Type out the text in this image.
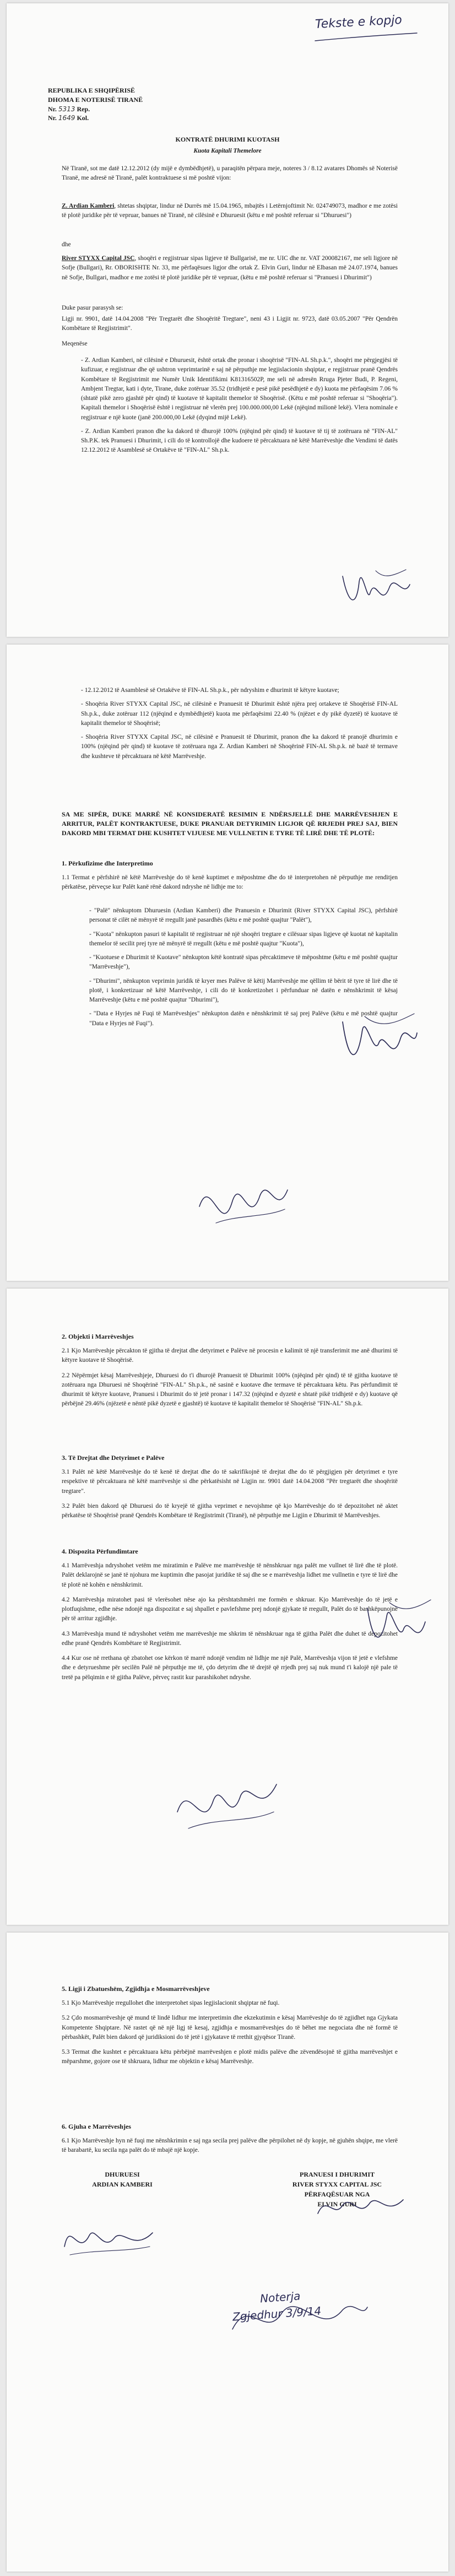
Tekste e kopjo
REPUBLIKA E SHQIPËRISË
DHOMA E NOTERISË TIRANË
Nr. 5313 Rep.
Nr. 1649 Kol.
KONTRATË DHURIMI KUOTASH
Kuota Kapitali Themelore
Në Tiranë, sot me datë 12.12.2012 (dy mijë e dymbëdhjetë), u paraqitën përpara meje, noteres 3 / 8.12 avatares Dhomës së Noterisë Tiranë, me adresë në Tiranë, palët kontraktuese si më poshtë vijon:
Z. Ardian Kamberi, shtetas shqiptar, lindur në Durrës më 15.04.1965, mbajtës i Letërnjoftimit Nr. 024749073, madhor e me zotësi të plotë juridike për të vepruar, banues në Tiranë, në cilësinë e Dhuruesit (këtu e më poshtë referuar si "Dhuruesi")
dhe
River STYXX Capital JSC, shoqëri e regjistruar sipas ligjeve të Bullgarisë, me nr. UIC dhe nr. VAT 200082167, me seli ligjore në Sofje (Bullgari), Rr. OBORISHTE Nr. 33, me përfaqësues ligjor dhe ortak Z. Elvin Guri, lindur në Elbasan më 24.07.1974, banues në Sofje, Bullgari, madhor e me zotësi të plotë juridike për të vepruar, (këtu e më poshtë referuar si "Pranuesi i Dhurimit")
Duke pasur parasysh se:
Ligji nr. 9901, datë 14.04.2008 "Për Tregtarët dhe Shoqëritë Tregtare", neni 43 i Ligjit nr. 9723, datë 03.05.2007 "Për Qendrën Kombëtare të Regjistrimit".
Meqenëse
- Z. Ardian Kamberi, në cilësinë e Dhuruesit, është ortak dhe pronar i shoqërisë "FIN-AL Sh.p.k.", shoqëri me përgjegjësi të kufizuar, e regjistruar dhe që ushtron veprimtarinë e saj në përputhje me legjislacionin shqiptar, e regjistruar pranë Qendrës Kombëtare të Regjistrimit me Numër Unik Identifikimi K81316502P, me seli në adresën Rruga Pjeter Budi, P. Regeni, Ambjent Tregtar, kati i dyte, Tirane, duke zotëruar 35.52 (tridhjetë e pesë pikë pesëdhjetë e dy) kuota me përfaqësim 7.06 % (shtatë pikë zero gjashtë për qind) të kuotave të kapitalit themelor të Shoqërisë. (Këtu e më poshtë referuar si "Shoqëria"). Kapitali themelor i Shoqërisë është i regjistruar në vlerën prej 100.000.000,00 Lekë (njëqind milionë lekë). Vlera nominale e regjistruar e një kuote (janë 200.000,00 Lekë (dyqind mijë Lekë).
- Z. Ardian Kamberi pranon dhe ka dakord të dhurojë 100% (njëqind për qind) të kuotave të tij të zotëruara në "FIN-AL" Sh.P.K. tek Pranuesi i Dhurimit, i cili do të kontrollojë dhe kudoere të përcaktuara në këtë Marrëveshje dhe Vendimi të datës 12.12.2012 të Asamblesë së Ortakëve të "FIN-AL" Sh.p.k.
- 12.12.2012 të Asamblesë së Ortakëve të FIN-AL Sh.p.k., për ndryshim e dhurimit të këtyre kuotave;
- Shoqëria River STYXX Capital JSC, në cilësinë e Pranuesit të Dhurimit është njëra prej ortakeve të Shoqërisë FIN-AL Sh.p.k., duke zotëruar 112 (njëqind e dymbëdhjetë) kuota me përfaqësimi 22.40 % (njëzet e dy pikë dyzetë) të kuotave të kapitalit themelor të Shoqërisë;
- Shoqëria River STYXX Capital JSC, në cilësinë e Pranuesit të Dhurimit, pranon dhe ka dakord të pranojë dhurimin e 100% (njëqind për qind) të kuotave të zotëruara nga Z. Ardian Kamberi në Shoqërinë FIN-AL Sh.p.k. në bazë të termave dhe kushteve të përcaktuara në këtë Marrëveshje.
SA ME SIPËR, DUKE MARRË NË KONSIDERATË RESIMIN E NDËRSJELLË DHE MARRËVESHJEN E ARRITUR, PALËT KONTRAKTUESE, DUKE PRANUAR DETYRIMIN LIGJOR QË RRJEDH PREJ SAJ, BIEN DAKORD MBI TERMAT DHE KUSHTET VIJUESE ME VULLNETIN E TYRE TË LIRË DHE TË PLOTË:
1. Përkufizime dhe Interpretimo
1.1 Termat e përfshirë në këtë Marrëveshje do të kenë kuptimet e mëposhtme dhe do të interpretohen në përputhje me renditjen përkatëse, përveçse kur Palët kanë rënë dakord ndryshe në lidhje me to:
- "Palë" nënkuptom Dhuruesin (Ardian Kamberi) dhe Pranuesin e Dhurimit (River STYXX Capital JSC), përfshirë personat të cilët në mënyrë të rregullt janë pasardhës (këtu e më poshtë quajtur "Palët"),
- "Kuota" nënkupton pasuri të kapitalit të regjistruar në një shoqëri tregtare e cilësuar sipas ligjeve që kuotat në kapitalin themelor të secilit prej tyre në mënyrë të rregullt (këtu e më poshtë quajtur "Kuota"),
- "Kuotuese e Dhurimit të Kuotave" nënkupton këtë kontratë sipas përcaktimeve të mëposhtme (këtu e më poshtë quajtur "Marrëveshje"),
- "Dhurimi", nënkupton veprimin juridik të kryer mes Palëve të këtij Marrëveshje me qëllim të bërit të tyre të lirë dhe të plotë, i konkretizuar në këtë Marrëveshje, i cili do të konkretizohet i përfunduar në datën e nënshkrimit të kësaj Marrëveshje (këtu e më poshtë quajtur "Dhurimi"),
- "Data e Hyrjes në Fuqi të Marrëveshjes" nënkupton datën e nënshkrimit të saj prej Palëve (këtu e më poshtë quajtur "Data e Hyrjes në Fuqi").
2. Objekti i Marrëveshjes
2.1 Kjo Marrëveshje përcakton të gjitha të drejtat dhe detyrimet e Palëve në procesin e kalimit të një transferimit me anë dhurimi të këtyre kuotave të Shoqërisë.
2.2 Nëpërmjet kësaj Marrëveshjeje, Dhuruesi do t'i dhurojë Pranuesit të Dhurimit 100% (njëqind për qind) të të gjitha kuotave të zotëruara nga Dhuruesi në Shoqërinë "FIN-AL" Sh.p.k., në sasinë e kuotave dhe termave të përcaktuara këtu. Pas përfundimit të dhurimit të këtyre kuotave, Pranuesi i Dhurimit do të jetë pronar i 147.32 (njëqind e dyzetë e shtatë pikë tridhjetë e dy) kuotave që përbëjnë 29.46% (njëzetë e nëntë pikë dyzetë e gjashtë) të kuotave të kapitalit themelor të Shoqërisë "FIN-AL" Sh.p.k.
3. Të Drejtat dhe Detyrimet e Palëve
3.1 Palët në këtë Marrëveshje do të kenë të drejtat dhe do të sakrifikojnë të drejtat dhe do të përgjigjen për detyrimet e tyre respektive të përcaktuara në këtë marrëveshje si dhe përkatësisht në Ligjin nr. 9901 datë 14.04.2008 "Për tregtarët dhe shoqëritë tregtare".
3.2 Palët bien dakord që Dhuruesi do të kryejë të gjitha veprimet e nevojshme që kjo Marrëveshje do të depozitohet në aktet përkatëse të Shoqërisë pranë Qendrës Kombëtare të Regjistrimit (Tiranë), në përputhje me Ligjin e Dhurimit të Marrëveshjes.
4. Dispozita Përfundimtare
4.1 Marrëveshja ndryshohet vetëm me miratimin e Palëve me marrëveshje të nënshkruar nga palët me vullnet të lirë dhe të plotë. Palët deklarojnë se janë të njohura me kuptimin dhe pasojat juridike të saj dhe se e marrëveshja lidhet me vullnetin e tyre të lirë dhe të plotë në kohën e nënshkrimit.
4.2 Marrëveshja miratohet pasi të vlerësohet nëse ajo ka përshtatshmëri me formën e shkruar. Kjo Marrëveshje do të jetë e plotfuqishme, edhe nëse ndonjë nga dispozitat e saj shpallet e pavlefshme prej ndonjë gjykate të rregullt, Palët do të bashkëpunojnë për të arritur zgjidhje.
4.3 Marrëveshja mund të ndryshohet vetëm me marrëveshje me shkrim të nënshkruar nga të gjitha Palët dhe duhet të depozitohet edhe pranë Qendrës Kombëtare të Regjistrimit.
4.4 Kur ose në rrethana që zbatohet ose kërkon të marrë ndonjë vendim në lidhje me një Palë, Marrëveshja vijon të jetë e vlefshme dhe e detyrueshme për secilën Palë në përputhje me të, çdo detyrim dhe të drejtë që rrjedh prej saj nuk mund t'i kalojë një pale të tretë pa pëlqimin e të gjitha Palëve, përveç rastit kur parashikohet ndryshe.
5. Ligji i Zbatueshëm, Zgjidhja e Mosmarrëveshjeve
5.1 Kjo Marrëveshje rregullohet dhe interpretohet sipas legjislacionit shqiptar në fuqi.
5.2 Çdo mosmarrëveshje që mund të lindë lidhur me interpretimin dhe ekzekutimin e kësaj Marrëveshje do të zgjidhet nga Gjykata Kompetente Shqiptare. Në rastet që në një ligj të kesaj, zgjidhja e mosmarrëveshjes do të bëhet me negociata dhe në formë të përbashkët, Palët bien dakord që juridiksioni do të jetë i gjykatave të rrethit gjyqësor Tiranë.
5.3 Termat dhe kushtet e përcaktuara këtu përbëjnë marrëveshjen e plotë midis palëve dhe zëvendësojnë të gjitha marrëveshjet e mëparshme, gojore ose të shkruara, lidhur me objektin e kësaj Marrëveshje.
6. Gjuha e Marrëveshjes
6.1 Kjo Marrëveshje hyn në fuqi me nënshkrimin e saj nga secila prej palëve dhe përpilohet në dy kopje, në gjuhën shqipe, me vlerë të barabartë, ku secila nga palët do të mbajë një kopje.
DHURUESI
ARDIAN KAMBERI
PRANUESI I DHURIMIT
RIVER STYXX CAPITAL JSC
PËRFAQËSUAR NGA
ELVIN GURI
Noterja
Zgjedhur 3/9/14
